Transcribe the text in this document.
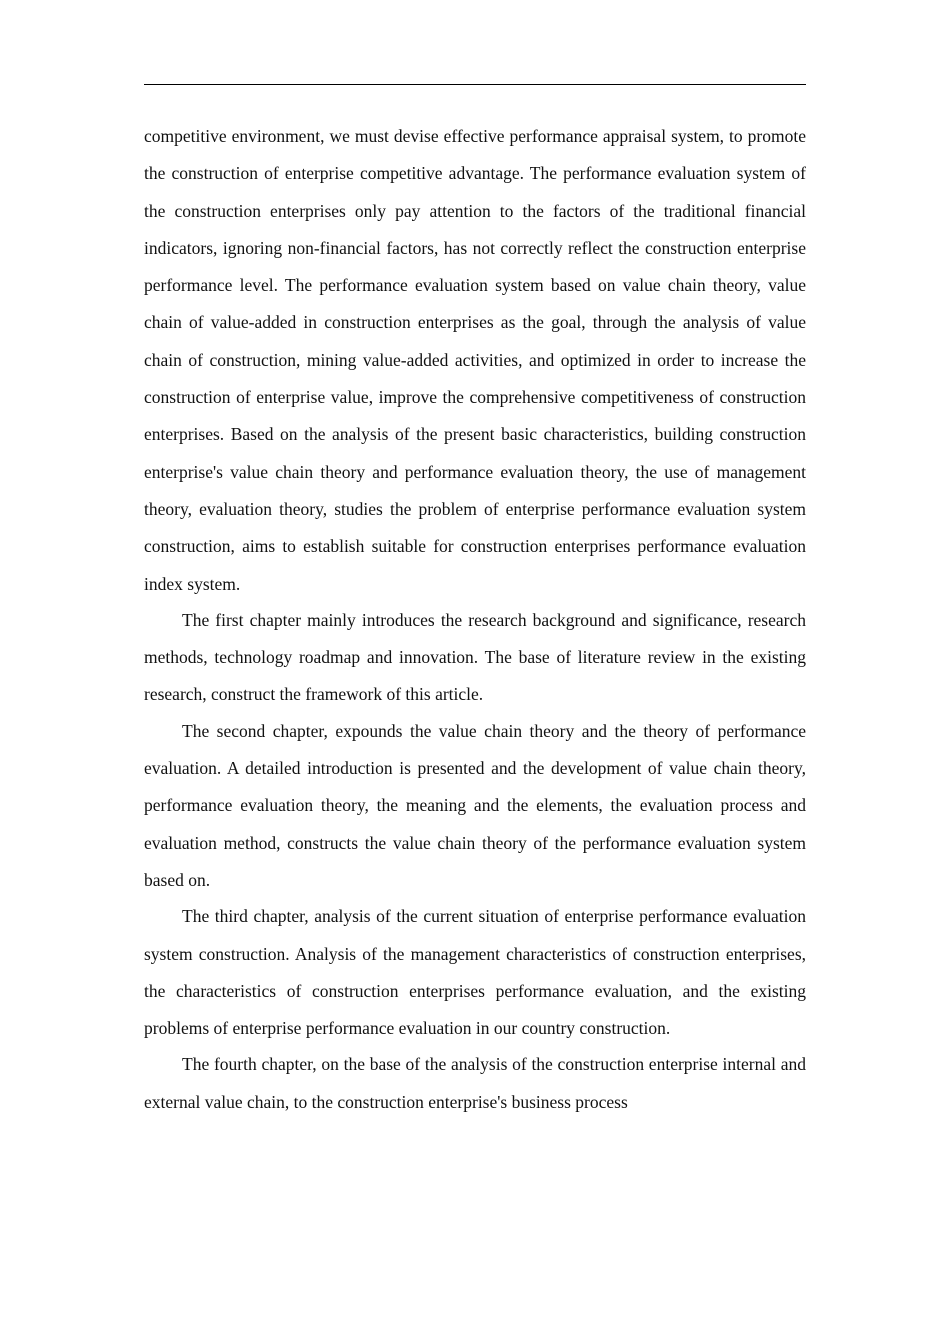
competitive environment, we must devise effective performance appraisal system, to promote the construction of enterprise competitive advantage. The performance evaluation system of the construction enterprises only pay attention to the factors of the traditional financial indicators, ignoring non-financial factors, has not correctly reflect the construction enterprise performance level. The performance evaluation system based on value chain theory, value chain of value-added in construction enterprises as the goal, through the analysis of value chain of construction, mining value-added activities, and optimized in order to increase the construction of enterprise value, improve the comprehensive competitiveness of construction enterprises. Based on the analysis of the present basic characteristics, building construction enterprise's value chain theory and performance evaluation theory, the use of management theory, evaluation theory, studies the problem of enterprise performance evaluation system construction, aims to establish suitable for construction enterprises performance evaluation index system.

The first chapter mainly introduces the research background and significance, research methods, technology roadmap and innovation. The base of literature review in the existing research, construct the framework of this article.

The second chapter, expounds the value chain theory and the theory of performance evaluation. A detailed introduction is presented and the development of value chain theory, performance evaluation theory, the meaning and the elements, the evaluation process and evaluation method, constructs the value chain theory of the performance evaluation system based on.

The third chapter, analysis of the current situation of enterprise performance evaluation system construction. Analysis of the management characteristics of construction enterprises, the characteristics of construction enterprises performance evaluation, and the existing problems of enterprise performance evaluation in our country construction.

The fourth chapter, on the base of the analysis of the construction enterprise internal and external value chain, to the construction enterprise's business process
